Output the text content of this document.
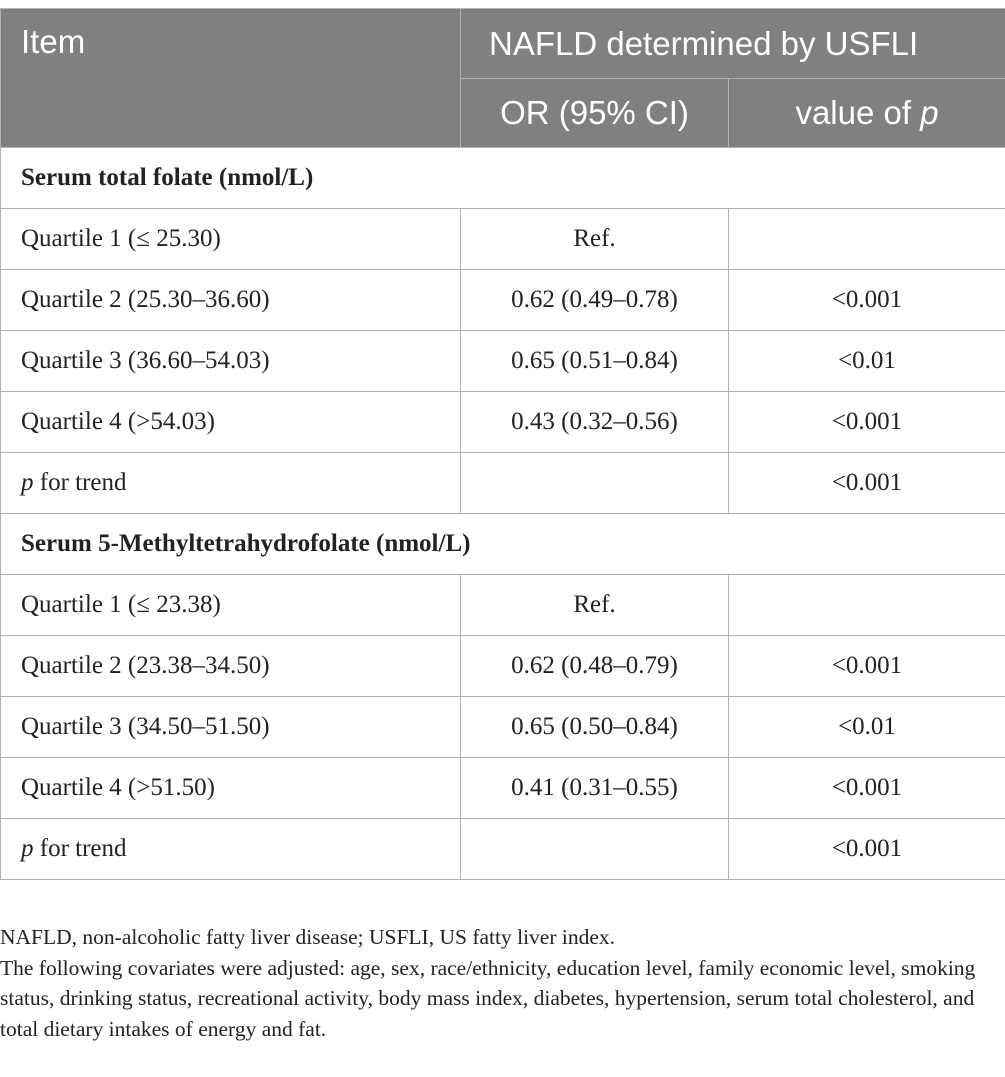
Item	NAFLD determined by USFLI	
	OR (95% CI)	value of p
Serum total folate (nmol/L)		
Quartile 1 (≤ 25.30)	Ref.	
Quartile 2 (25.30–36.60)	0.62 (0.49–0.78)	<0.001
Quartile 3 (36.60–54.03)	0.65 (0.51–0.84)	<0.01
Quartile 4 (>54.03)	0.43 (0.32–0.56)	<0.001
p for trend		<0.001
Serum 5-Methyltetrahydrofolate (nmol/L)		
Quartile 1 (≤ 23.38)	Ref.	
Quartile 2 (23.38–34.50)	0.62 (0.48–0.79)	<0.001
Quartile 3 (34.50–51.50)	0.65 (0.50–0.84)	<0.01
Quartile 4 (>51.50)	0.41 (0.31–0.55)	<0.001
p for trend		<0.001

NAFLD, non-alcoholic fatty liver disease; USFLI, US fatty liver index.

The following covariates were adjusted: age, sex, race/ethnicity, education level, family economic level, smoking status, drinking status, recreational activity, body mass index, diabetes, hypertension, serum total cholesterol, and total dietary intakes of energy and fat.
